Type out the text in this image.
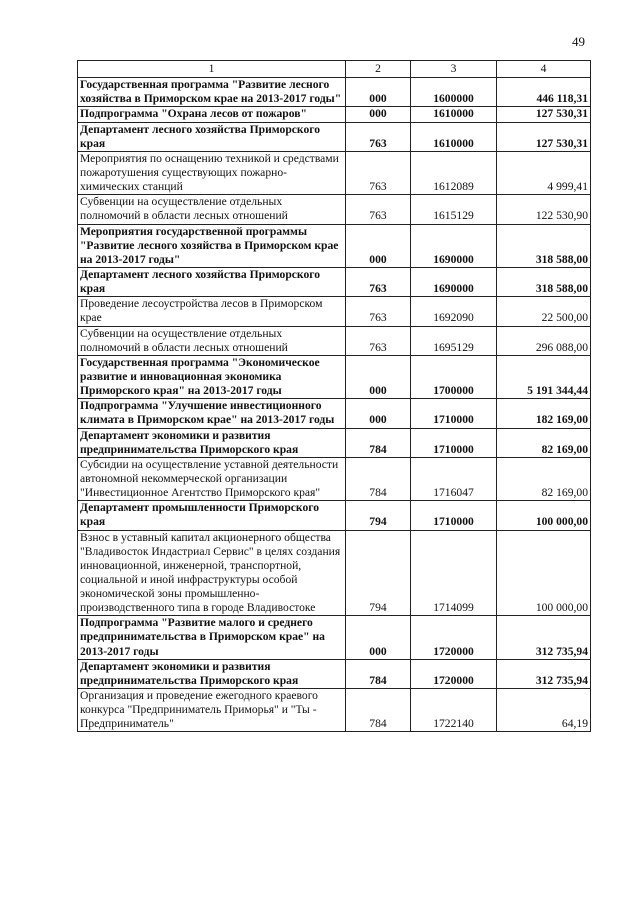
49
1	2	3	4
Государственная программа "Развитие лесного хозяйства в Приморском крае на 2013-2017 годы"	000	1600000	446 118,31
Подпрограмма "Охрана лесов от пожаров"	000	1610000	127 530,31
Департамент лесного хозяйства Приморского края	763	1610000	127 530,31
Мероприятия по оснащению техникой и средствами пожаротушения существующих пожарно-химических станций	763	1612089	4 999,41
Субвенции на осуществление отдельных полномочий в области лесных отношений	763	1615129	122 530,90
Мероприятия государственной программы "Развитие лесного хозяйства в Приморском крае на 2013-2017 годы"	000	1690000	318 588,00
Департамент лесного хозяйства Приморского края	763	1690000	318 588,00
Проведение лесоустройства лесов в Приморском крае	763	1692090	22 500,00
Субвенции на осуществление отдельных полномочий в области лесных отношений	763	1695129	296 088,00
Государственная программа "Экономическое развитие и инновационная экономика Приморского края" на 2013-2017 годы	000	1700000	5 191 344,44
Подпрограмма "Улучшение инвестиционного климата в Приморском крае" на 2013-2017 годы	000	1710000	182 169,00
Департамент экономики и развития предпринимательства Приморского края	784	1710000	82 169,00
Субсидии на осуществление уставной деятельности автономной некоммерческой организации "Инвестиционное Агентство Приморского края"	784	1716047	82 169,00
Департамент промышленности Приморского края	794	1710000	100 000,00
Взнос в уставный капитал акционерного общества "Владивосток Индастриал Сервис" в целях создания инновационной, инженерной, транспортной, социальной и иной инфраструктуры особой экономической зоны промышленно-производственного типа в городе Владивостоке	794	1714099	100 000,00
Подпрограмма "Развитие малого и среднего предпринимательства в Приморском крае" на 2013-2017 годы	000	1720000	312 735,94
Департамент экономики и развития предпринимательства Приморского края	784	1720000	312 735,94
Организация и проведение ежегодного краевого конкурса "Предприниматель Приморья" и "Ты - Предприниматель"	784	1722140	64,19
